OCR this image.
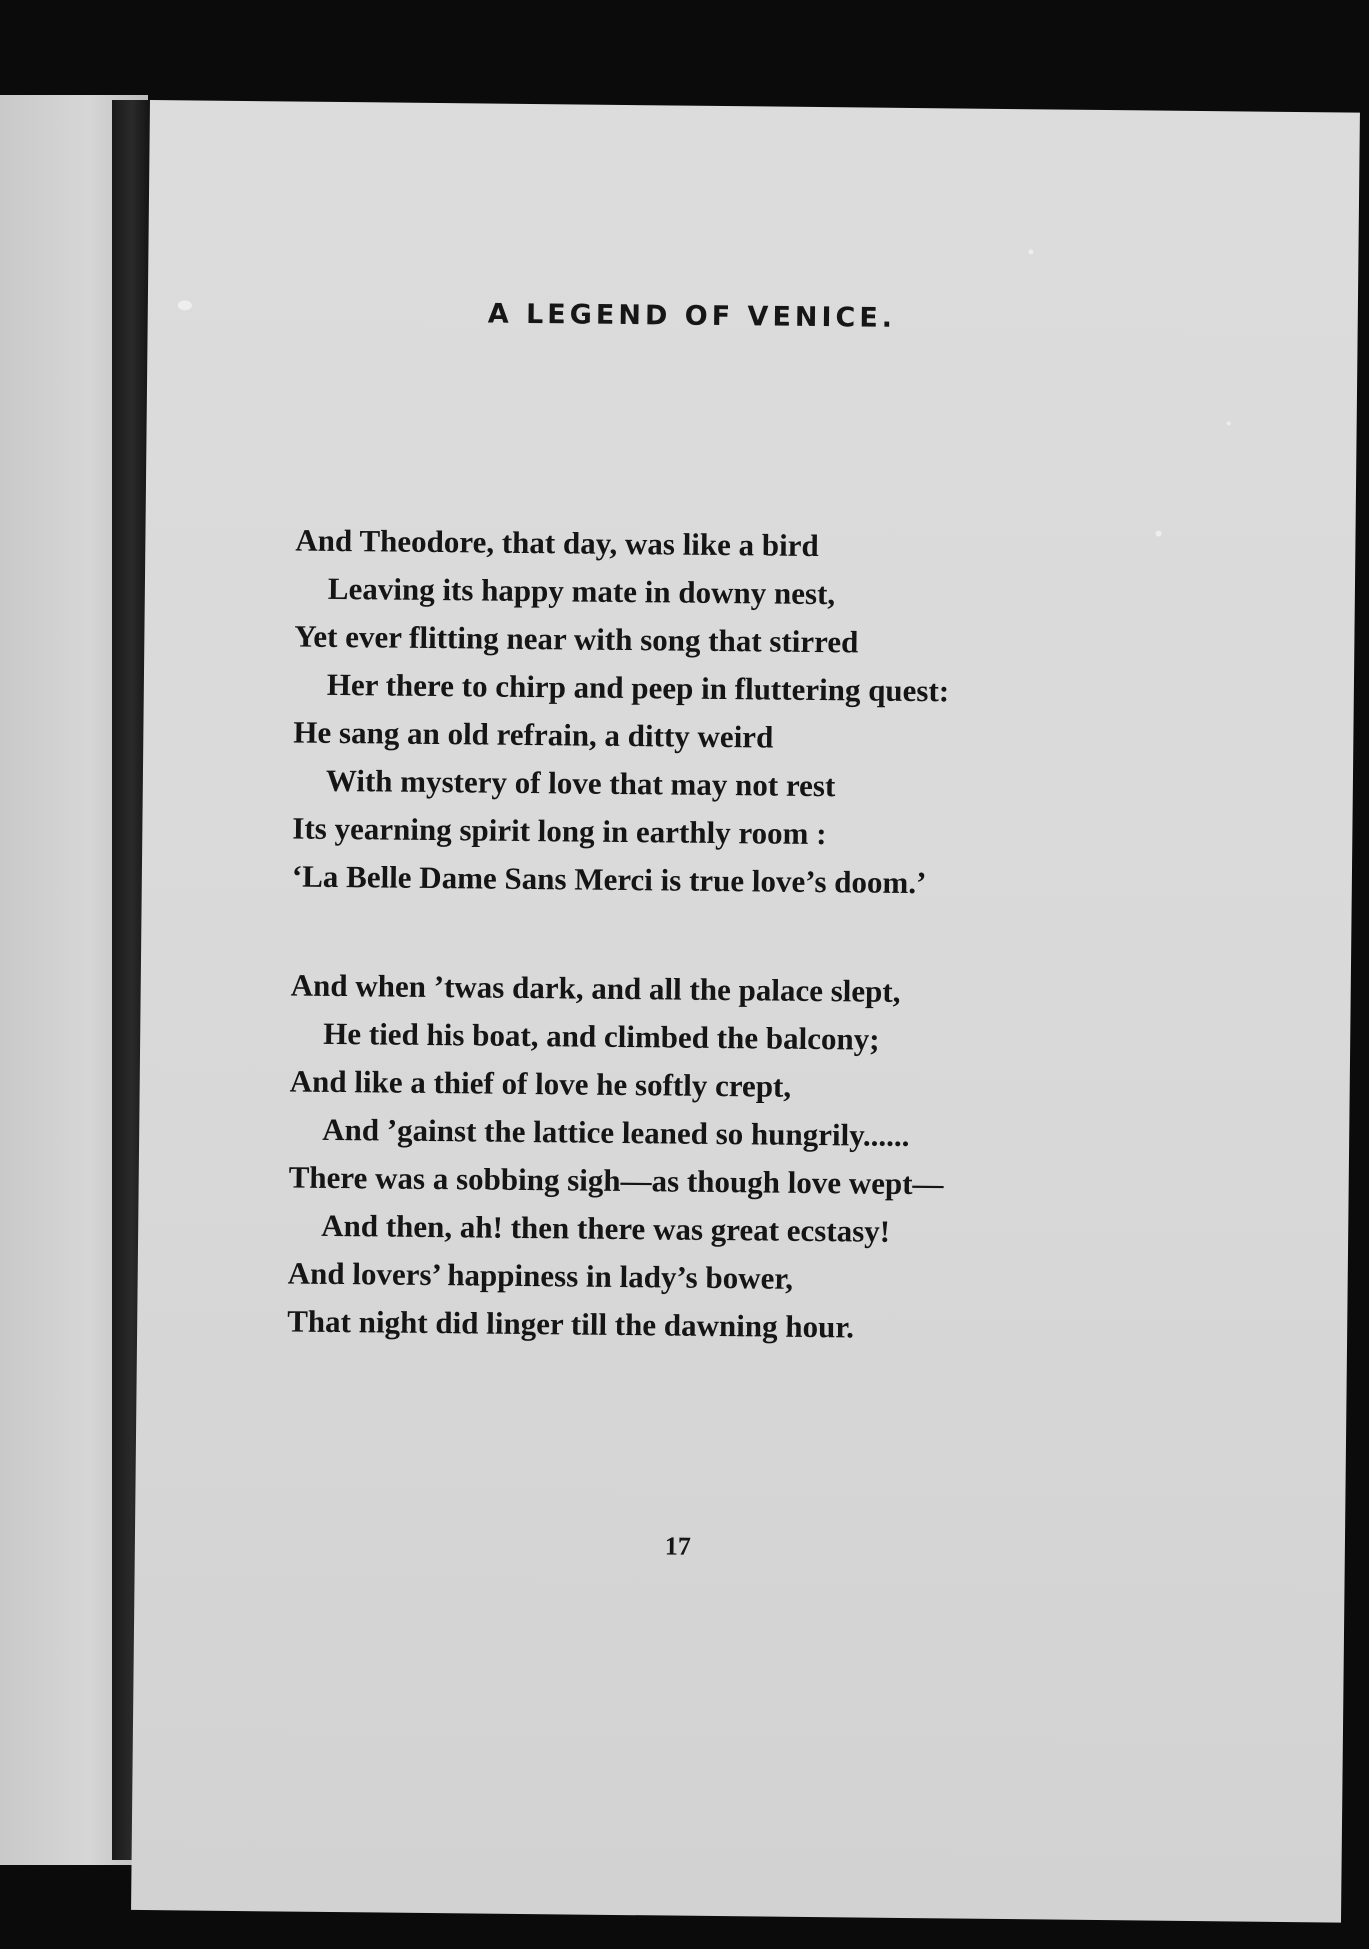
A LEGEND OF VENICE.
And Theodore, that day, was like a bird
Leaving its happy mate in downy nest,
Yet ever flitting near with song that stirred
Her there to chirp and peep in fluttering quest:
He sang an old refrain, a ditty weird
With mystery of love that may not rest
Its yearning spirit long in earthly room :
‘La Belle Dame Sans Merci is true love’s doom.’
And when ’twas dark, and all the palace slept,
He tied his boat, and climbed the balcony;
And like a thief of love he softly crept,
And ’gainst the lattice leaned so hungrily......
There was a sobbing sigh—as though love wept—
And then, ah! then there was great ecstasy!
And lovers’ happiness in lady’s bower,
That night did linger till the dawning hour.

17
